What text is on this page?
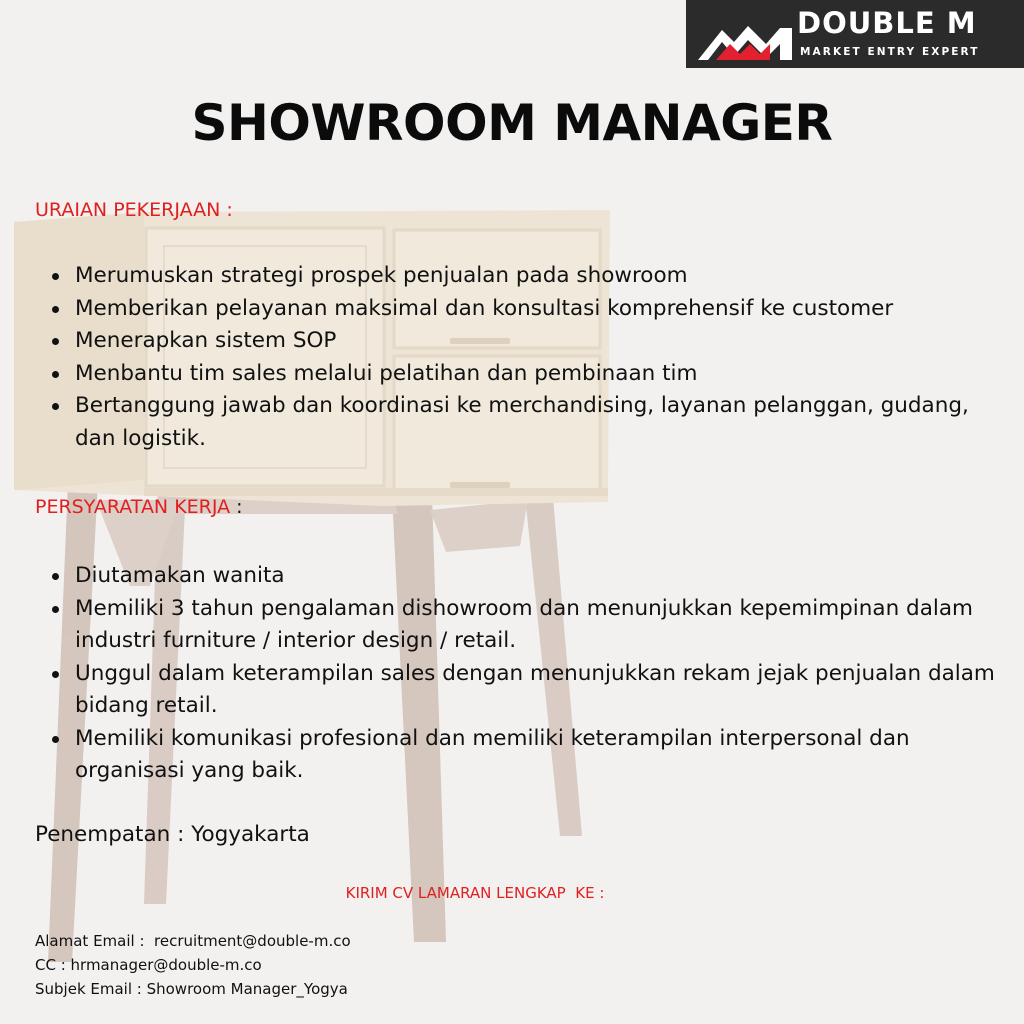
DOUBLE M
MARKET ENTRY EXPERT
SHOWROOM MANAGER
URAIAN PEKERJAAN :
Merumuskan strategi prospek penjualan pada showroom
Memberikan pelayanan maksimal dan konsultasi komprehensif ke customer
Menerapkan sistem SOP
Menbantu tim sales melalui pelatihan dan pembinaan tim
Bertanggung jawab dan koordinasi ke merchandising, layanan pelanggan, gudang, dan logistik.
PERSYARATAN KERJA :
Diutamakan wanita
Memiliki 3 tahun pengalaman dishowroom dan menunjukkan kepemimpinan dalam industri furniture / interior design / retail.
Unggul dalam keterampilan sales dengan menunjukkan rekam jejak penjualan dalam bidang retail.
Memiliki komunikasi profesional dan memiliki keterampilan interpersonal dan organisasi yang baik.
Penempatan : Yogyakarta
KIRIM CV LAMARAN LENGKAP  KE :
Alamat Email :  recruitment@double-m.co
CC : hrmanager@double-m.co
Subjek Email : Showroom Manager_Yogya
